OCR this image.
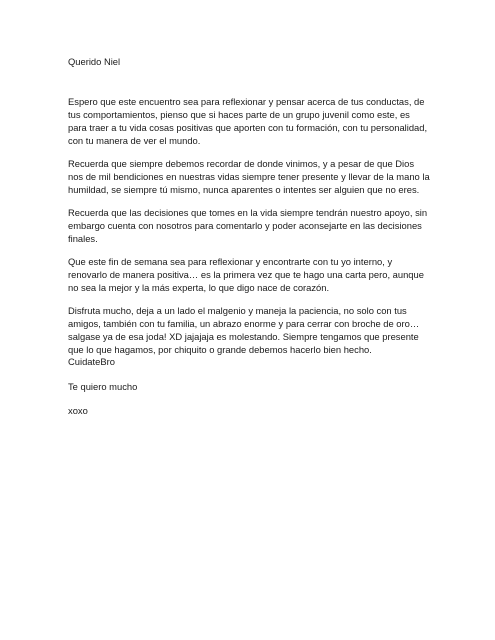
Querido Niel

Espero que este encuentro sea para reflexionar y pensar acerca de tus conductas, de tus comportamientos, pienso que si haces parte de un grupo juvenil como este, es para traer a tu vida cosas positivas que aporten con tu formación, con tu personalidad, con tu manera de ver el mundo.

Recuerda que siempre debemos recordar de donde vinimos, y a pesar de que Dios nos de mil bendiciones en nuestras vidas siempre tener presente y llevar de la mano la humildad, se siempre tú mismo, nunca aparentes o intentes ser alguien que no eres.

Recuerda que las decisiones que tomes en la vida siempre tendrán nuestro apoyo, sin embargo cuenta con nosotros para comentarlo y poder aconsejarte en las decisiones finales.

Que este fin de semana sea para reflexionar y encontrarte con tu yo interno, y renovarlo de manera positiva… es la primera vez que te hago una carta pero, aunque no sea la mejor y la más experta, lo que digo nace de corazón.

Disfruta mucho, deja a un lado el malgenio y maneja la paciencia, no solo con tus amigos, también con tu familia, un abrazo enorme y para cerrar con broche de oro…salgase ya de esa joda! XD jajajaja es molestando. Siempre tengamos que presente que lo que hagamos, por chiquito o grande debemos hacerlo bien hecho.

CuidateBro
Te quiero mucho
xoxo
